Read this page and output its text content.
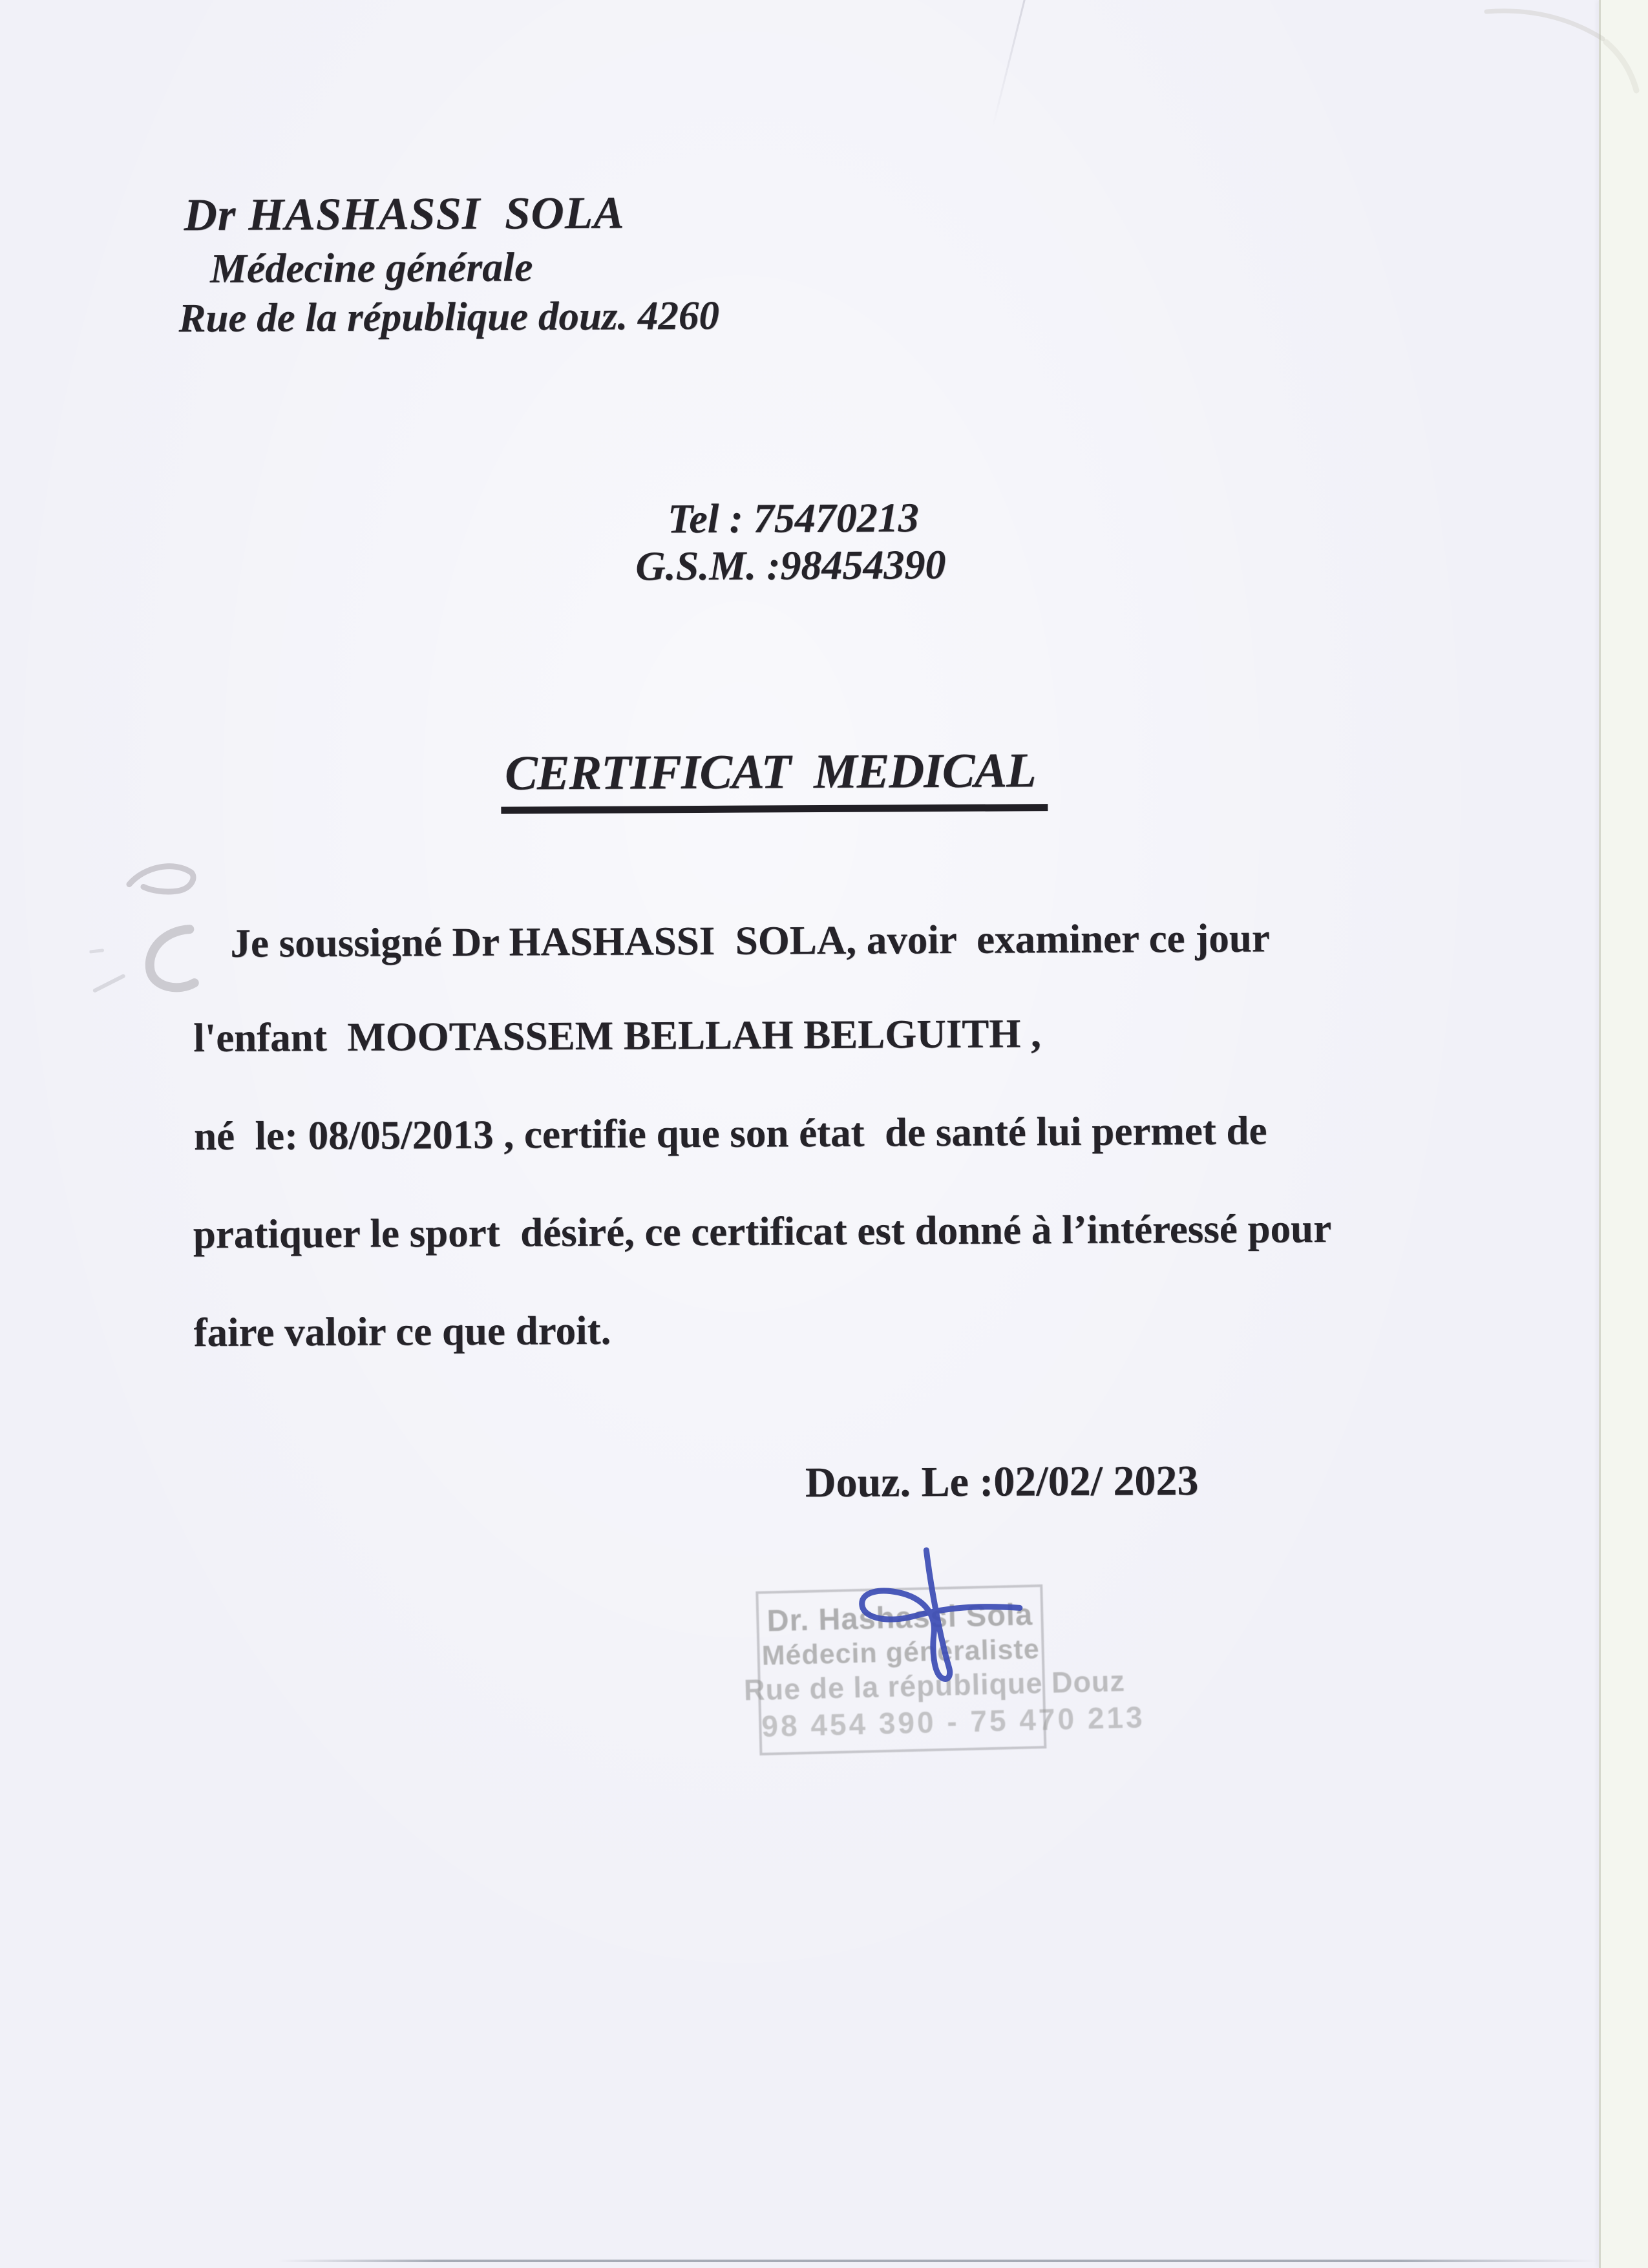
Dr HASHASSI  SOLA
Médecine générale
Rue de la république douz. 4260
Tel : 75470213
G.S.M. :98454390
CERTIFICAT  MEDICAL
Je soussigné Dr HASHASSI  SOLA, avoir  examiner ce jour
l'enfant  MOOTASSEM BELLAH BELGUITH ,
né  le: 08/05/2013 , certifie que son état  de santé lui permet de
pratiquer le sport  désiré, ce certificat est donné à l’intéressé pour
faire valoir ce que droit.
Douz. Le :02/02/ 2023
Dr. Hashassi Sola
Médecin généraliste
Rue de la république Douz
98 454 390 - 75 470 213
